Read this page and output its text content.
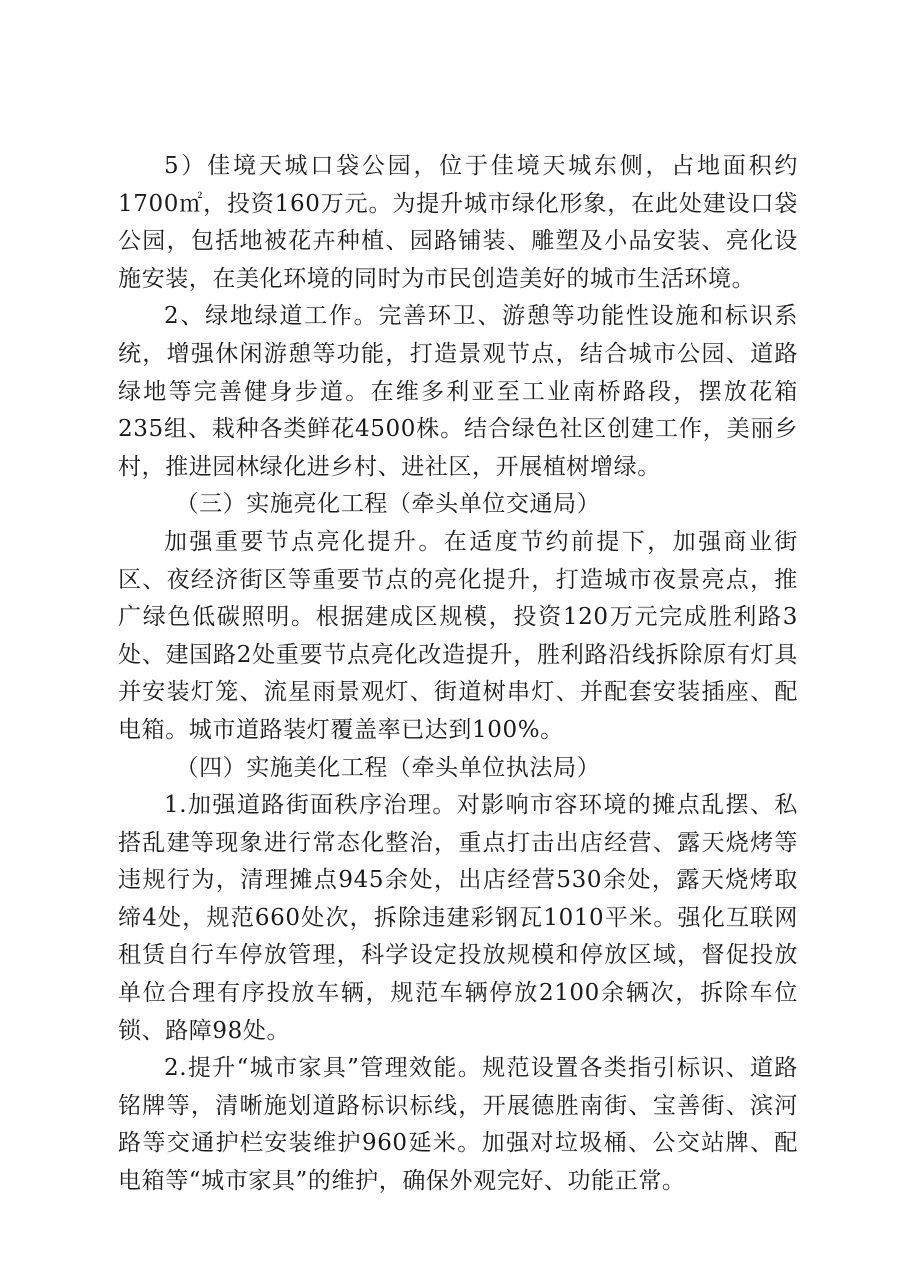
5）佳境天城口袋公园，位于佳境天城东侧，占地面积约1700㎡，投资160万元。为提升城市绿化形象，在此处建设口袋公园，包括地被花卉种植、园路铺装、雕塑及小品安装、亮化设施安装，在美化环境的同时为市民创造美好的城市生活环境。

2、绿地绿道工作。完善环卫、游憩等功能性设施和标识系统，增强休闲游憩等功能，打造景观节点，结合城市公园、道路绿地等完善健身步道。在维多利亚至工业南桥路段，摆放花箱235组、栽种各类鲜花4500株。结合绿色社区创建工作，美丽乡村，推进园林绿化进乡村、进社区，开展植树增绿。

（三）实施亮化工程（牵头单位交通局）

加强重要节点亮化提升。在适度节约前提下，加强商业街区、夜经济街区等重要节点的亮化提升，打造城市夜景亮点，推广绿色低碳照明。根据建成区规模，投资120万元完成胜利路3处、建国路2处重要节点亮化改造提升，胜利路沿线拆除原有灯具并安装灯笼、流星雨景观灯、街道树串灯、并配套安装插座、配电箱。城市道路装灯覆盖率已达到100%。

（四）实施美化工程（牵头单位执法局）

1.加强道路街面秩序治理。对影响市容环境的摊点乱摆、私搭乱建等现象进行常态化整治，重点打击出店经营、露天烧烤等违规行为，清理摊点945余处，出店经营530余处，露天烧烤取缔4处，规范660处次，拆除违建彩钢瓦1010平米。强化互联网租赁自行车停放管理，科学设定投放规模和停放区域，督促投放单位合理有序投放车辆，规范车辆停放2100余辆次，拆除车位锁、路障98处。

2.提升“城市家具”管理效能。规范设置各类指引标识、道路铭牌等，清晰施划道路标识标线，开展德胜南街、宝善街、滨河路等交通护栏安装维护960延米。加强对垃圾桶、公交站牌、配电箱等“城市家具”的维护，确保外观完好、功能正常。
